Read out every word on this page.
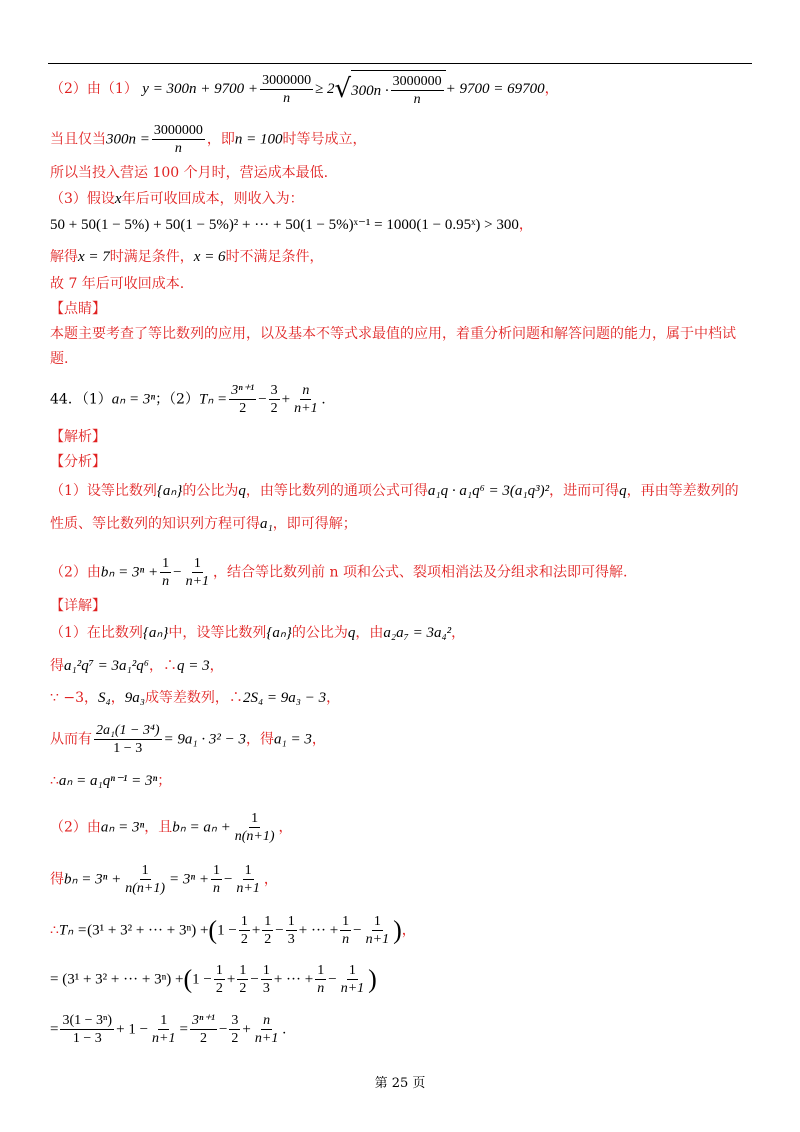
（2）由（1） $y = 300n + 9700 + \frac{3000000}{n} \ge 2$ √ $300n \cdot \frac{3000000}{n} + 9700 = 69700$，
当且仅当$300n = \frac{3000000}{n}$ ，即n = 100时等号成立，
所以当投入营运 100 个月时，营运成本最低.
（3）假设x年后可收回成本，则收入为：
50 + 50(1 − 5%) + 50(1 − 5%)² + ··· + 50(1 − 5%)ˣ⁻¹ = 1000(1 − 0.95ˣ) > 300，
解得x = 7时满足条件，x = 6时不满足条件，
故 7 年后可收回成本.
【点睛】
本题主要考查了等比数列的应用，以及基本不等式求最值的应用，着重分析问题和解答问题的能力，属于中档试
题.
44．（1）aₙ = 3ⁿ；$(2)T_n = \frac{\text{3ⁿ⁺¹}}{2} - \frac{3}{2} + \frac{n}{n+1}$ .
【解析】
【分析】
（1）设等比数列{aₙ}的公比为q，由等比数列的通项公式可得a₁q · a₁q⁶ = 3(a₁q³)²，进而可得q，再由等差数列的
性质、等比数列的知识列方程可得a₁，即可得解；
（2）由$b_n = 3^n + \frac{1}{n} - \frac{1}{n+1}$ ，结合等比数列前 n 项和公式、裂项相消法及分组求和法即可得解.
【详解】
（1）在比数列{aₙ}中，设等比数列{aₙ}的公比为q，由a₂a₇ = 3a₄²，
得a₁²q⁷ = 3a₁²q⁶，∴q = 3，
∵ −3，S₄，9a₃成等差数列，∴2S₄ = 9a₃ − 3，
从而有 $\frac{\text{2a₁(1 − 3⁴)}}{1 - 3} = 9a_1 \cdot 3^2 - 3$，得a₁ = 3，
∴aₙ = a₁qⁿ⁻¹ = 3ⁿ；
（2）由aₙ = 3ⁿ，且$b_n = a_n + \frac{1}{n(n+1)}$ ，
得$b_n = 3^n + \frac{1}{n(n+1)} = 3^n + \frac{1}{n} - \frac{1}{n+1}$ ，
∴Tₙ =(3¹ + 3² + ··· + $3^n) +(1 - \frac{1}{2} + \frac{1}{2} - \frac{1}{3}$ + ··· + $\frac{1}{n} - \frac{1}{n+1}$ )，
= (3¹ + 3² + ··· + $3^n) +(1 - \frac{1}{2} + \frac{1}{2} - \frac{1}{3}$ + ··· + $\frac{1}{n} - \frac{1}{n+1}$ )
= $\frac{\text{3(1 − 3ⁿ)}}{1 - 3} + 1 - \frac{1}{n+1} = \frac{\text{3ⁿ⁺¹}}{2} - \frac{3}{2} + \frac{n}{n+1}$ .
第 25 页
